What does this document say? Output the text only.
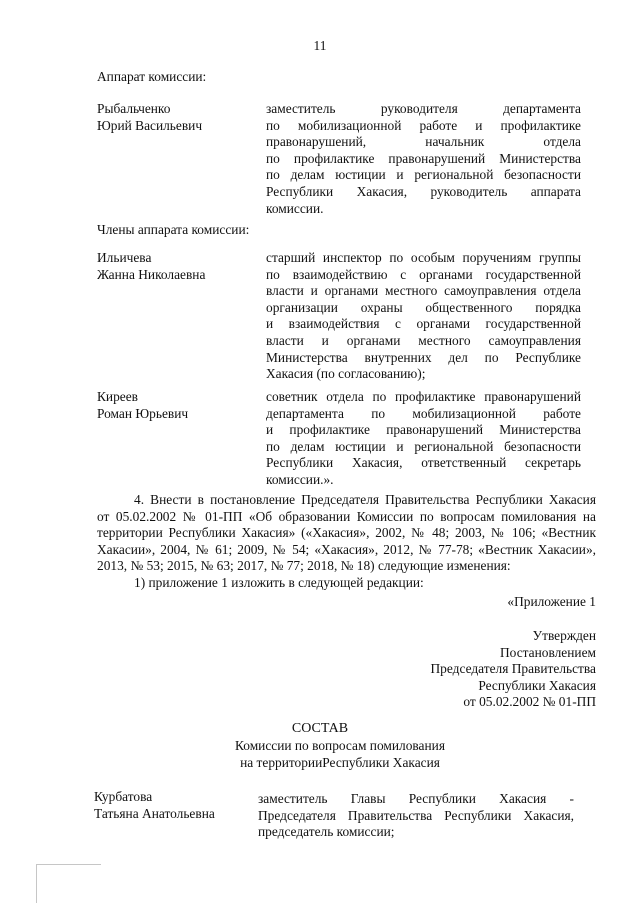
11
Аппарат комиссии:
Рыбальченко
Юрий Васильевич
заместитель руководителя департамента
по мобилизационной работе и профилактике
правонарушений, начальник отдела
по профилактике правонарушений Министерства
по делам юстиции и региональной безопасности
Республики Хакасия, руководитель аппарата
комиссии.
Члены аппарата комиссии:
Ильичева
Жанна Николаевна
старший инспектор по особым поручениям группы
по взаимодействию с органами государственной
власти и органами местного самоуправления отдела
организации охраны общественного порядка
и взаимодействия с органами государственной
власти и органами местного самоуправления
Министерства внутренних дел по Республике
Хакасия (по согласованию);
Киреев
Роман Юрьевич
советник отдела по профилактике правонарушений
департамента по мобилизационной работе
и профилактике правонарушений Министерства
по делам юстиции и региональной безопасности
Республики Хакасия, ответственный секретарь
комиссии.».
4. Внести в постановление Председателя Правительства Республики Хакасия
от 05.02.2002 № 01-ПП «Об образовании Комиссии по вопросам помилования на
территории Республики Хакасия» («Хакасия», 2002, № 48; 2003, № 106; «Вестник
Хакасии», 2004, № 61; 2009, № 54; «Хакасия», 2012, № 77-78; «Вестник Хакасии»,
2013, № 53; 2015, № 63; 2017, № 77; 2018, № 18) следующие изменения:
1) приложение 1 изложить в следующей редакции:
«Приложение 1
Утвержден
Постановлением
Председателя Правительства
Республики Хакасия
от 05.02.2002 № 01-ПП
СОСТАВ
Комиссии по вопросам помилования
на территорииРеспублики Хакасия
Курбатова
Татьяна Анатольевна
заместитель Главы Республики Хакасия -
Председателя Правительства Республики Хакасия,
председатель комиссии;
